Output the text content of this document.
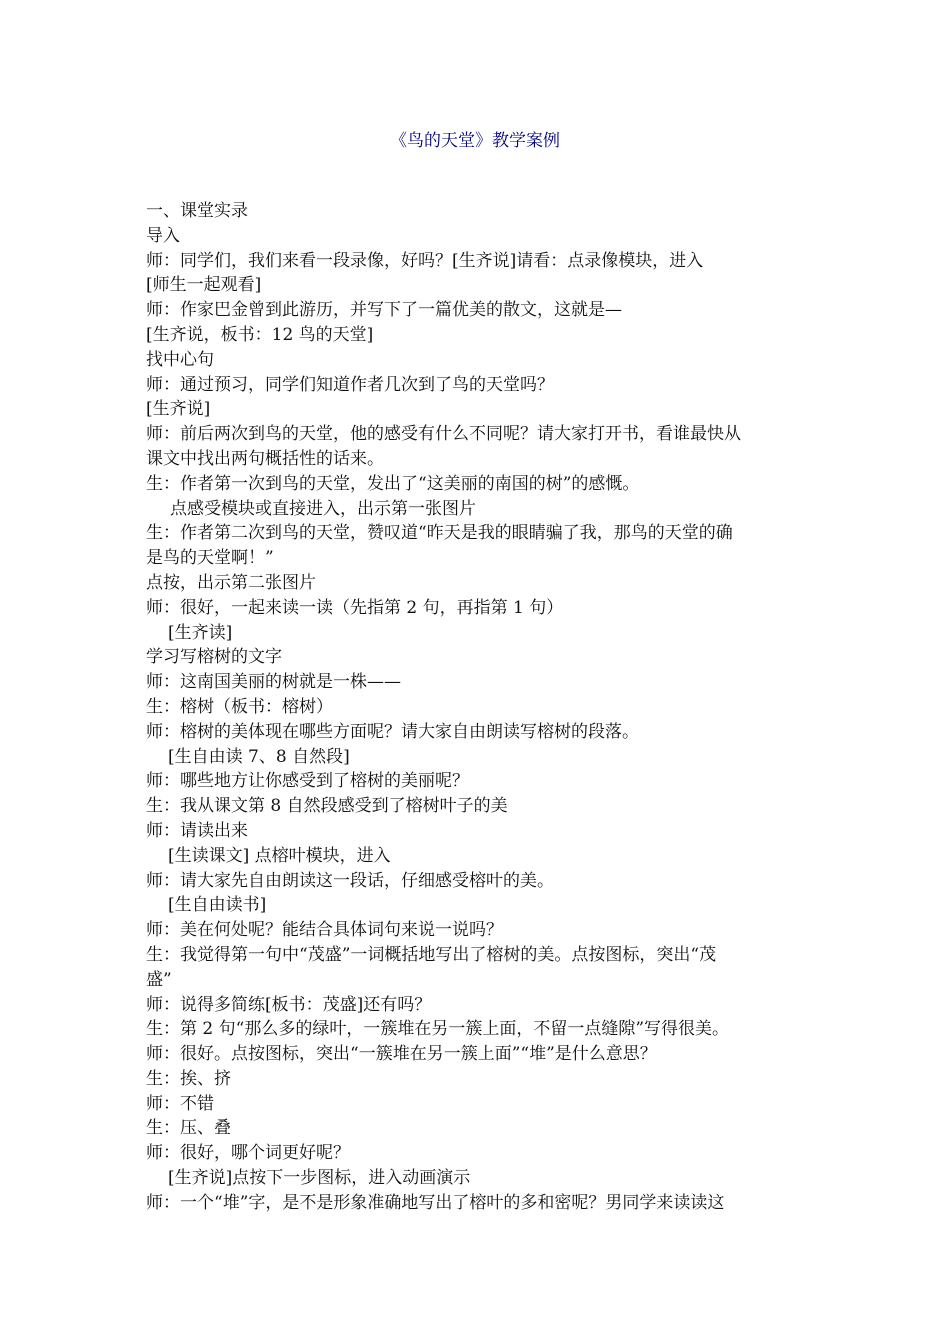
《鸟的天堂》教学案例
一、课堂实录
导入
师：同学们，我们来看一段录像，好吗？[生齐说]请看：点录像模块，进入
[师生一起观看]
师：作家巴金曾到此游历，并写下了一篇优美的散文，这就是—
[生齐说，板书：12 鸟的天堂]
找中心句
师：通过预习，同学们知道作者几次到了鸟的天堂吗？
[生齐说]
师：前后两次到鸟的天堂，他的感受有什么不同呢？请大家打开书，看谁最快从
课文中找出两句概括性的话来。
生：作者第一次到鸟的天堂，发出了“这美丽的南国的树”的感慨。
点感受模块或直接进入，出示第一张图片
生：作者第二次到鸟的天堂，赞叹道“昨天是我的眼睛骗了我，那鸟的天堂的确
是鸟的天堂啊！”
点按，出示第二张图片
师：很好，一起来读一读（先指第 2 句，再指第 1 句）
[生齐读]
学习写榕树的文字
师：这南国美丽的树就是一株——
生：榕树（板书：榕树）
师：榕树的美体现在哪些方面呢？请大家自由朗读写榕树的段落。
[生自由读 7、8 自然段]
师：哪些地方让你感受到了榕树的美丽呢？
生：我从课文第 8 自然段感受到了榕树叶子的美
师：请读出来
[生读课文] 点榕叶模块，进入
师：请大家先自由朗读这一段话，仔细感受榕叶的美。
[生自由读书]
师：美在何处呢？能结合具体词句来说一说吗？
生：我觉得第一句中“茂盛”一词概括地写出了榕树的美。点按图标，突出“茂
盛”
师：说得多简练[板书：茂盛]还有吗？
生：第 2 句“那么多的绿叶，一簇堆在另一簇上面，不留一点缝隙”写得很美。
师：很好。点按图标，突出“一簇堆在另一簇上面”“堆”是什么意思？
生：挨、挤
师：不错
生：压、叠
师：很好，哪个词更好呢？
[生齐说]点按下一步图标，进入动画演示
师：一个“堆”字，是不是形象准确地写出了榕叶的多和密呢？男同学来读读这
